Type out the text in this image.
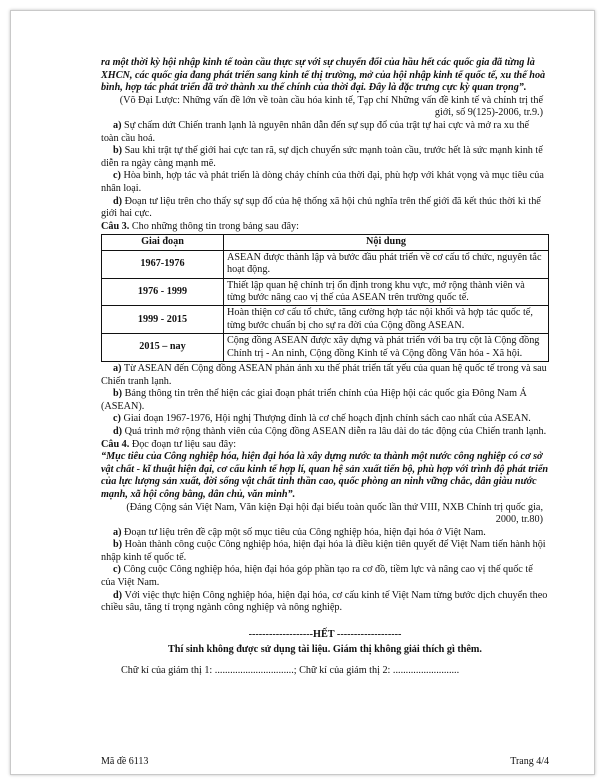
ra một thời kỳ hội nhập kinh tế toàn cầu thực sự với sự chuyển đổi của hầu hết các quốc gia đã từng là XHCN, các quốc gia đang phát triển sang kinh tế thị trường, mở của hội nhập kinh tế quốc tế, xu thế hoà bình, hợp tác phát triển đã trở thành xu thế chính của thời đại. Đây là đặc trưng cực kỳ quan trọng”.

(Võ Đại Lược: Những vấn đề lớn về toàn cầu hóa kinh tế, Tạp chí Những vấn đề kinh tế và chính trị thế giới, số 9(125)-2006, tr.9.)

a) Sự chấm dứt Chiến tranh lạnh là nguyên nhân dẫn đến sự sụp đổ của trật tự hai cực và mở ra xu thế toàn cầu hoá.

b) Sau khi trật tự thế giới hai cực tan rã, sự dịch chuyển sức mạnh toàn cầu, trước hết là sức mạnh kinh tế diễn ra ngày càng mạnh mẽ.

c) Hòa bình, hợp tác và phát triển là dòng chảy chính của thời đại, phù hợp với khát vọng và mục tiêu của nhân loại.

d) Đoạn tư liệu trên cho thấy sự sụp đổ của hệ thống xã hội chủ nghĩa trên thế giới đã kết thúc thời kì thế giới hai cực.

Câu 3. Cho những thông tin trong bảng sau đây:

Giai đoạn	Nội dung
1967-1976	ASEAN được thành lập và bước đầu phát triển về cơ cấu tổ chức, nguyên tắc hoạt động.
1976 - 1999	Thiết lập quan hệ chính trị ổn định trong khu vực, mở rộng thành viên và từng bước nâng cao vị thế của ASEAN trên trường quốc tế.
1999 - 2015	Hoàn thiện cơ cấu tổ chức, tăng cường hợp tác nội khối và hợp tác quốc tế, từng bước chuẩn bị cho sự ra đời của Cộng đồng ASEAN.
2015 – nay	Cộng đồng ASEAN được xây dựng và phát triển với ba trụ cột là Cộng đồng Chính trị - An ninh, Cộng đồng Kinh tế và Cộng đồng Văn hóa - Xã hội.

a) Từ ASEAN đến Cộng đồng ASEAN phản ánh xu thế phát triển tất yếu của quan hệ quốc tế trong và sau Chiến tranh lạnh.

b) Bảng thông tin trên thể hiện các giai đoạn phát triển chính của Hiệp hội các quốc gia Đông Nam Á (ASEAN).

c) Giai đoạn 1967-1976, Hội nghị Thượng đỉnh là cơ chế hoạch định chính sách cao nhất của ASEAN.

d) Quá trình mở rộng thành viên của Cộng đồng ASEAN diễn ra lâu dài do tác động của Chiến tranh lạnh.

Câu 4. Đọc đoạn tư liệu sau đây:

“Mục tiêu của Công nghiệp hóa, hiện đại hóa là xây dựng nước ta thành một nước công nghiệp có cơ sở vật chất - kĩ thuật hiện đại, cơ cấu kinh tế hợp lí, quan hệ sản xuất tiến bộ, phù hợp với trình độ phát triển của lực lượng sản xuất, đời sống vật chất tinh thần cao, quốc phòng an ninh vững chắc, dân giàu nước mạnh, xã hội công bằng, dân chủ, văn minh”.

(Đảng Cộng sản Việt Nam, Văn kiện Đại hội đại biểu toàn quốc lần thứ VIII, NXB Chính trị quốc gia, 2000, tr.80)

a) Đoạn tư liệu trên đề cập một số mục tiêu của Công nghiệp hóa, hiện đại hóa ở Việt Nam.

b) Hoàn thành công cuộc Công nghiệp hóa, hiện đại hóa là điều kiện tiên quyết để Việt Nam tiến hành hội nhập kinh tế quốc tế.

c) Công cuộc Công nghiệp hóa, hiện đại hóa góp phần tạo ra cơ đồ, tiềm lực và nâng cao vị thế quốc tế của Việt Nam.

d) Với việc thực hiện Công nghiệp hóa, hiện đại hóa, cơ cấu kinh tế Việt Nam từng bước dịch chuyển theo chiều sâu, tăng tỉ trọng ngành công nghiệp và nông nghiệp.

-------------------HẾT -------------------

Thí sinh không được sử dụng tài liệu. Giám thị không giải thích gì thêm.

Chữ kí của giám thị 1: ...............................; Chữ kí của giám thị 2: ..........................

Mã đề 6113	Trang 4/4
